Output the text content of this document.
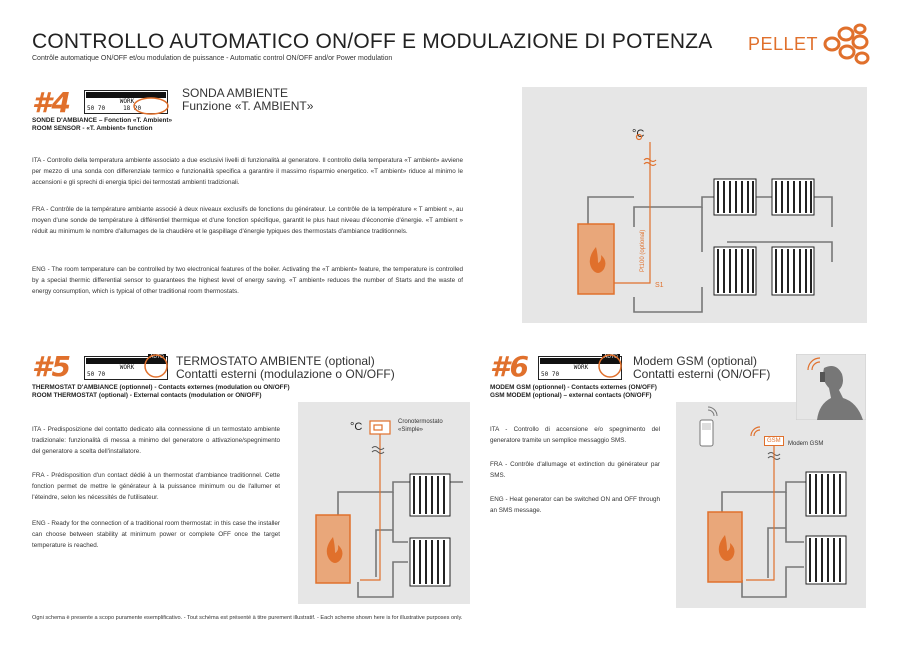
CONTROLLO AUTOMATICO ON/OFF E MODULAZIONE DI POTENZA
Contrôle automatique ON/OFF et/ou modulation de puissance - Automatic control ON/OFF and/or Power modulation
PELLET
#4	WORK
50 70	18 20
SONDA AMBIENTE
Funzione «T. AMBIENT»
SONDE D'AMBIANCE – Fonction «T. Ambient»
ROOM SENSOR - «T. Ambient» function
ITA - Controllo della temperatura ambiente associato a due esclusivi livelli di funzionalità al generatore. Il controllo della temperatura «T ambient» avviene per mezzo di una sonda con differenziale termico e funzionalità specifica a garantire il massimo risparmio energetico. «T ambient» riduce al minimo le accensioni e gli sprechi di energia tipici dei termostati ambienti tradizionali.
FRA - Contrôle de la température ambiante associé à deux niveaux exclusifs de fonctions du générateur. Le contrôle de la température « T ambient », au moyen d'une sonde de température à différentiel thermique et d'une fonction spécifique, garantit le plus haut niveau d'économie d'énergie. «T ambient » réduit au minimum le nombre d'allumages de la chaudière et le gaspillage d'énergie typiques des thermostats d'ambiance traditionnels.
ENG - The room temperature can be controlled by two electronical features of the boiler. Activating the «T ambient» feature, the temperature is controlled by a special thermic differential sensor to guarantees the highest level of energy saving. «T ambient» reduces the number of Starts and the waste of energy consumption, which is typical of other traditional room thermostats.
°C
Pt100 (optional)
S1
#5	WORK
50 70
AUTO TERMOSTATO AMBIENTE (optional)
Contatti esterni (modulazione o ON/OFF)
THERMOSTAT D'AMBIANCE (optionnel) - Contacts externes (modulation ou ON/OFF)
ROOM THERMOSTAT (optional) - External contacts (modulation or ON/OFF)
ITA - Predisposizione del contatto dedicato alla connessione di un termostato ambiente tradizionale: funzionalità di messa a minimo del generatore o attivazione/spegnimento del generatore a scelta dell'installatore.
FRA - Prédisposition d'un contact dédié à un thermostat d'ambiance traditionnel. Cette fonction permet de mettre le générateur à la puissance minimum ou de l'allumer et l'éteindre, selon les nécessités de l'utilisateur.
ENG - Ready for the connection of a traditional room thermostat: in this case the installer can choose between stability at minimum power or complete OFF once the target temperature is reached.
°C	Cronotermostato
«Simple»
#6	WORK
50 70
AUTO Modem GSM (optional)
Contatti esterni (ON/OFF)
MODEM GSM (optionnel) - Contacts externes (ON/OFF)
GSM MODEM (optional) – external contacts (ON/OFF)
ITA - Controllo di accensione e/o spegnimento del generatore tramite un semplice messaggio SMS.
FRA - Contrôle d'allumage et extinction du générateur par SMS.
ENG - Heat generator can be switched ON and OFF through an SMS message.
GSM	Modem GSM
Ogni schema è presente a scopo puramente esemplificativo. - Tout schéma est présenté à titre purement illustratif. - Each scheme shown here is for illustrative purposes only.
